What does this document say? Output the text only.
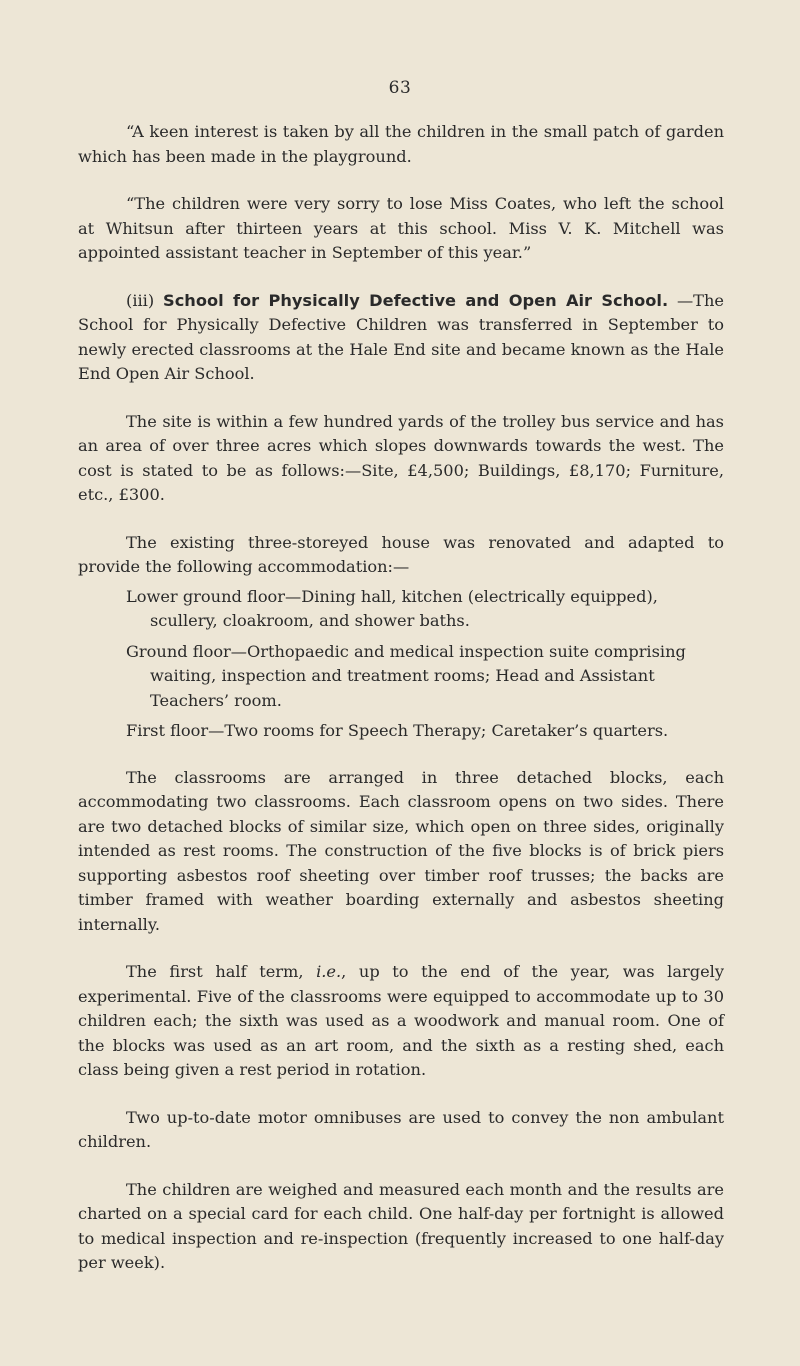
63

“A keen interest is taken by all the children in the small patch of garden which has been made in the playground.

“The children were very sorry to lose Miss Coates, who left the school at Whitsun after thirteen years at this school. Miss V. K. Mitchell was appointed assistant teacher in September of this year.”

(iii) School for Physically Defective and Open Air School. —The School for Physically Defective Children was transferred in September to newly erected classrooms at the Hale End site and became known as the Hale End Open Air School.

The site is within a few hundred yards of the trolley bus service and has an area of over three acres which slopes downwards towards the west. The cost is stated to be as follows:—Site, £4,500; Buildings, £8,170; Furniture, etc., £300.

The existing three-storeyed house was renovated and adapted to provide the following accommodation:—

Lower ground floor—Dining hall, kitchen (electrically equipped), scullery, cloakroom, and shower baths.

Ground floor—Orthopaedic and medical inspection suite comprising waiting, inspection and treatment rooms; Head and Assistant Teachers’ room.

First floor—Two rooms for Speech Therapy; Caretaker’s quarters.

The classrooms are arranged in three detached blocks, each accommodating two classrooms. Each classroom opens on two sides. There are two detached blocks of similar size, which open on three sides, originally intended as rest rooms. The construction of the five blocks is of brick piers supporting asbestos roof sheeting over timber roof trusses; the backs are timber framed with weather boarding externally and asbestos sheeting internally.

The first half term, i.e., up to the end of the year, was largely experimental. Five of the classrooms were equipped to accommodate up to 30 children each; the sixth was used as a woodwork and manual room. One of the blocks was used as an art room, and the sixth as a resting shed, each class being given a rest period in rotation.

Two up-to-date motor omnibuses are used to convey the non ambulant children.

The children are weighed and measured each month and the results are charted on a special card for each child. One half-day per fortnight is allowed to medical inspection and re-inspection (frequently increased to one half-day per week).
